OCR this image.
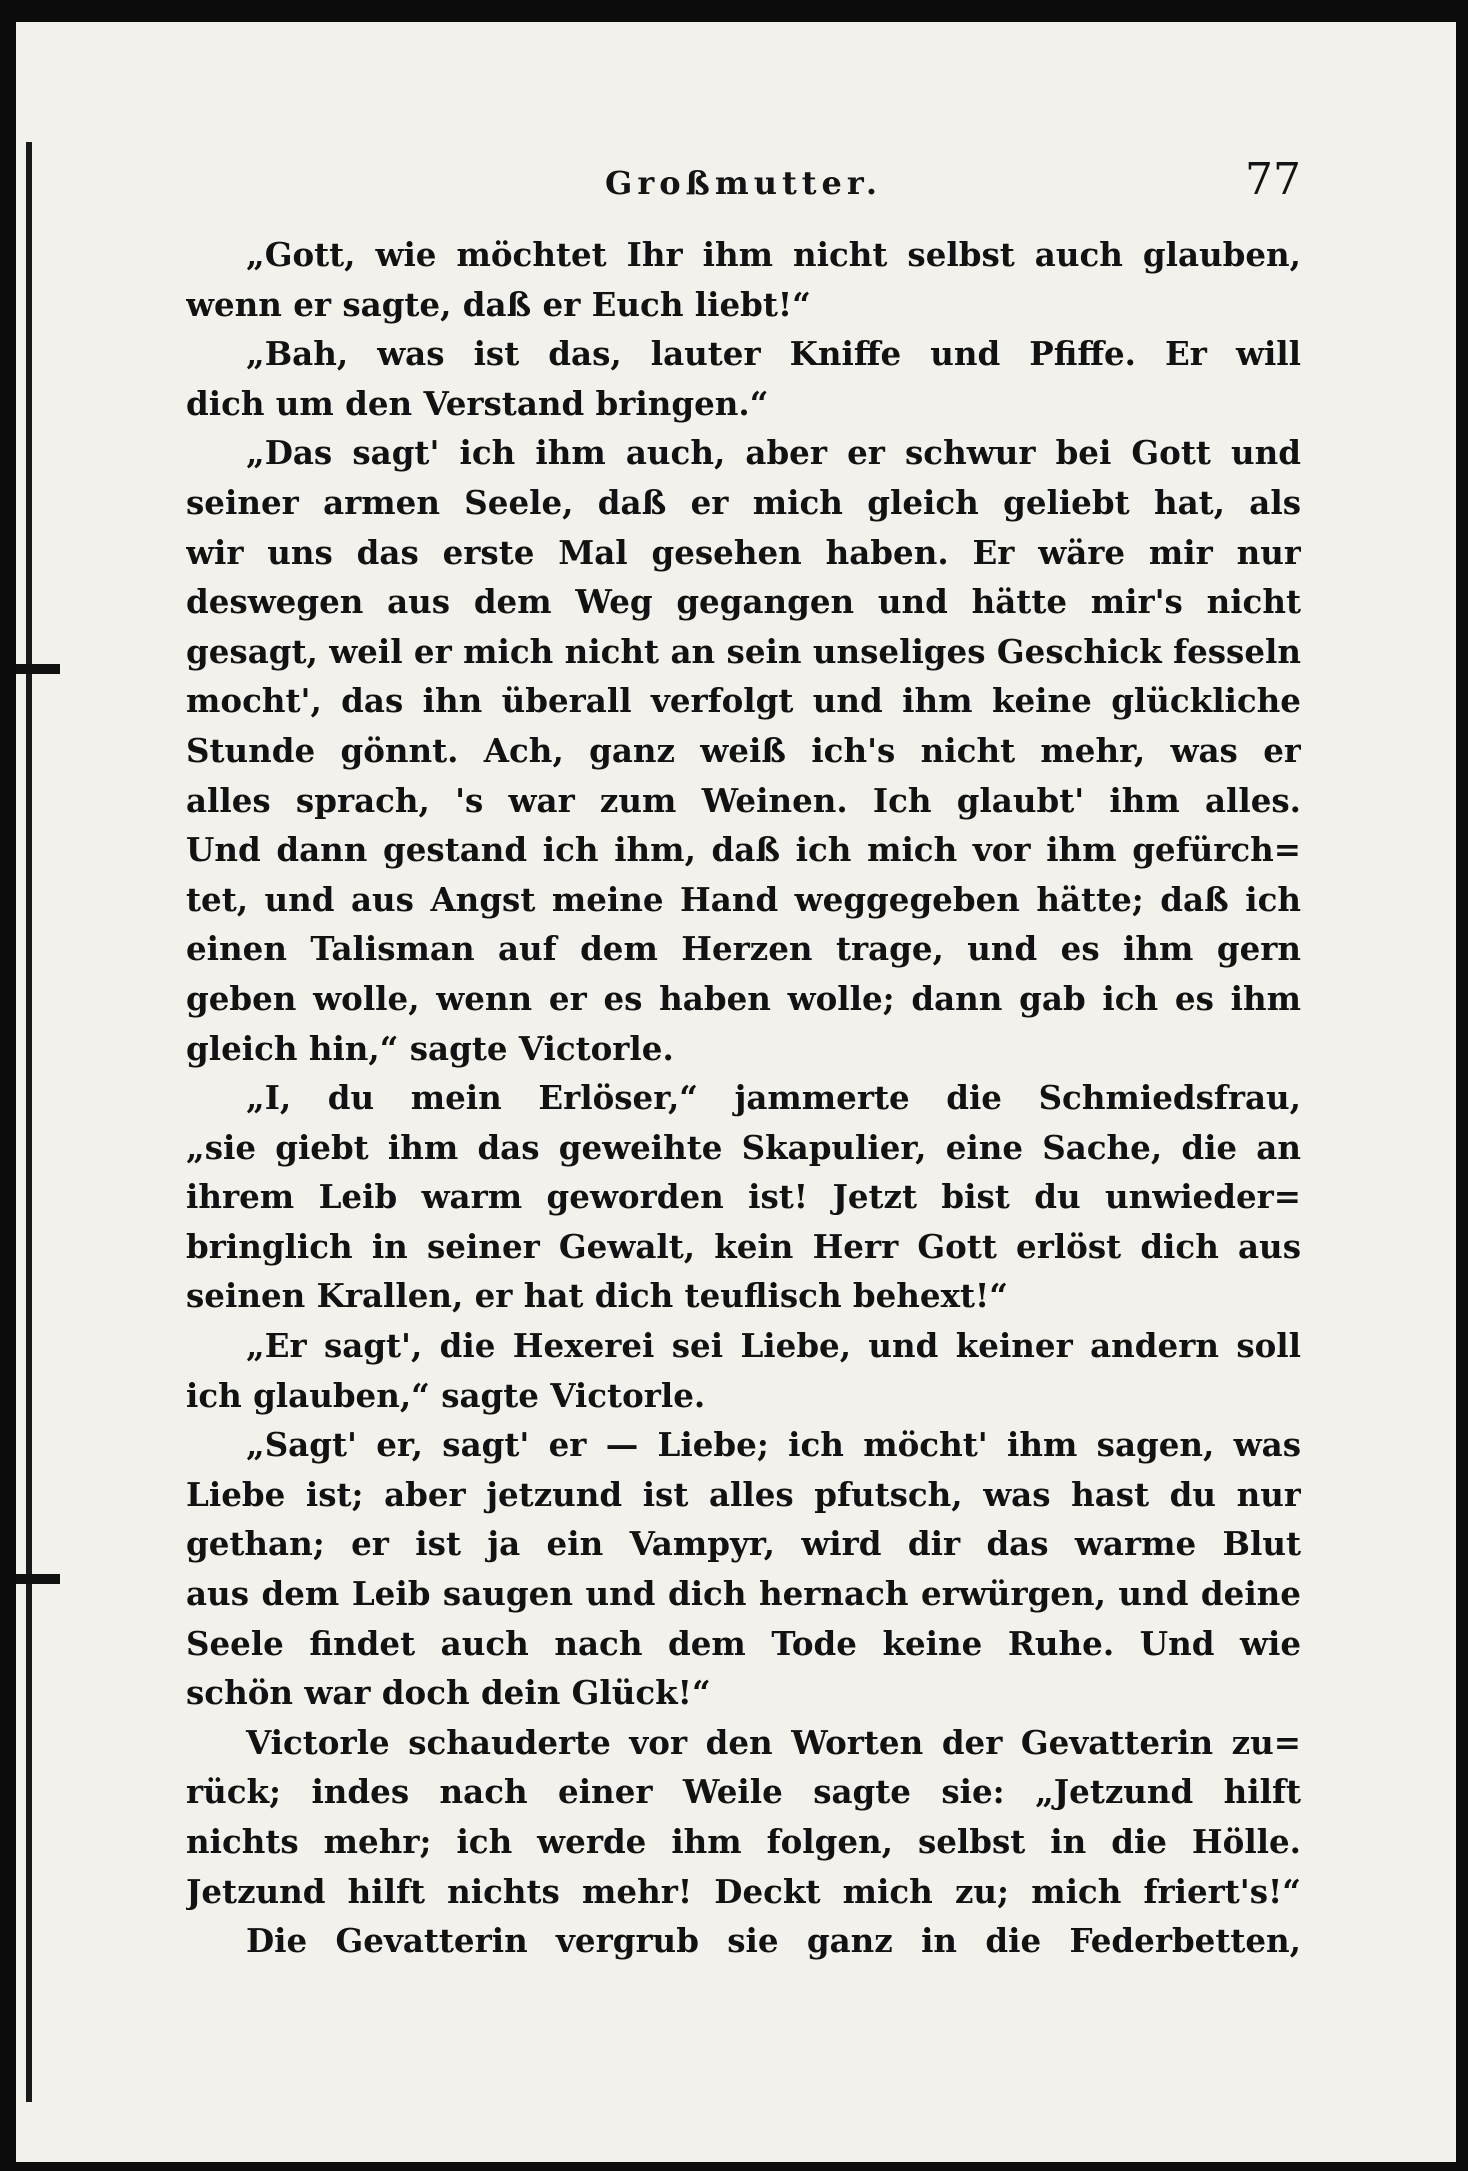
Großmutter.	77
„Gott, wie möchtet Ihr ihm nicht selbst auch glauben,
wenn er sagte, daß er Euch liebt!“
„Bah, was ist das, lauter Kniffe und Pfiffe. Er will
dich um den Verstand bringen.“
„Das sagt' ich ihm auch, aber er schwur bei Gott und
seiner armen Seele, daß er mich gleich geliebt hat, als
wir uns das erste Mal gesehen haben. Er wäre mir nur
deswegen aus dem Weg gegangen und hätte mir's nicht
gesagt, weil er mich nicht an sein unseliges Geschick fesseln
mocht', das ihn überall verfolgt und ihm keine glückliche
Stunde gönnt. Ach, ganz weiß ich's nicht mehr, was er
alles sprach, 's war zum Weinen. Ich glaubt' ihm alles.
Und dann gestand ich ihm, daß ich mich vor ihm gefürch=
tet, und aus Angst meine Hand weggegeben hätte; daß ich
einen Talisman auf dem Herzen trage, und es ihm gern
geben wolle, wenn er es haben wolle; dann gab ich es ihm
gleich hin,“ sagte Victorle.
„I, du mein Erlöser,“ jammerte die Schmiedsfrau,
„sie giebt ihm das geweihte Skapulier, eine Sache, die an
ihrem Leib warm geworden ist! Jetzt bist du unwieder=
bringlich in seiner Gewalt, kein Herr Gott erlöst dich aus
seinen Krallen, er hat dich teuflisch behext!“
„Er sagt', die Hexerei sei Liebe, und keiner andern soll
ich glauben,“ sagte Victorle.
„Sagt' er, sagt' er — Liebe; ich möcht' ihm sagen, was
Liebe ist; aber jetzund ist alles pfutsch, was hast du nur
gethan; er ist ja ein Vampyr, wird dir das warme Blut
aus dem Leib saugen und dich hernach erwürgen, und deine
Seele findet auch nach dem Tode keine Ruhe. Und wie
schön war doch dein Glück!“
Victorle schauderte vor den Worten der Gevatterin zu=
rück; indes nach einer Weile sagte sie: „Jetzund hilft
nichts mehr; ich werde ihm folgen, selbst in die Hölle.
Jetzund hilft nichts mehr! Deckt mich zu; mich friert's!“
Die Gevatterin vergrub sie ganz in die Federbetten,
